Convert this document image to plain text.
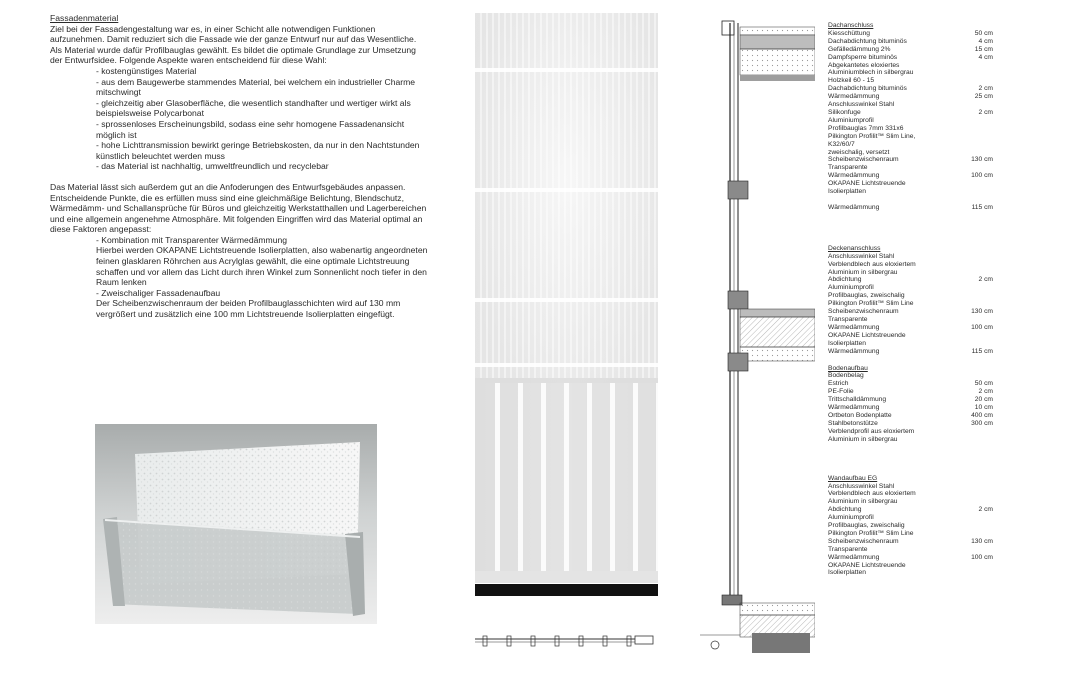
Fassadenmaterial

Ziel bei der Fassadengestaltung war es, in einer Schicht alle notwendigen Funktionen aufzunehmen. Damit reduziert sich die Fassade wie der ganze Entwurf nur auf das Wesentliche.

Als Material wurde dafür Profilbauglas gewählt. Es bildet die optimale Grundlage zur Umsetzung der Entwurfsidee. Folgende Aspekte waren entscheidend für diese Wahl:

- kostengünstiges Material
- aus dem Baugewerbe stammendes Material, bei welchem ein industrieller Charme mitschwingt
- gleichzeitig aber Glasoberfläche, die wesentlich standhafter und wertiger wirkt als beispielsweise Polycarbonat
- sprossenloses Erscheinungsbild, sodass eine sehr homogene Fassadenansicht möglich ist
- hohe Lichttransmission bewirkt geringe Betriebskosten, da nur in den Nachtstunden künstlich beleuchtet werden muss
- das Material ist nachhaltig, umweltfreundlich und recyclebar

Das Material lässt sich außerdem gut an die Anfoderungen des Entwurfsgebäudes anpassen. Entscheidende Punkte, die es erfüllen muss sind eine gleichmäßige Belichtung, Blendschutz, Wärmedämm- und Schallansprüche für Büros und gleichzeitig Werkstatthallen und Lagerbereichen und eine allgemein angenehme Atmosphäre. Mit folgenden Eingriffen wird das Material optimal an diese Faktoren angepasst:

- Kombination mit Transparenter Wärmedämmung
Hierbei werden OKAPANE Lichtstreuende Isolierplatten, also wabenartig angeordneten feinen glasklaren Röhrchen aus Acrylglas gewählt, die eine optimale Lichtstreuung schaffen und vor allem das Licht durch ihren Winkel zum Sonnenlicht noch tiefer in den Raum lenken
- Zweischaliger Fassadenaufbau
Der Scheibenzwischenraum der beiden Profilbauglasschichten wird auf 130 mm vergrößert und zusätzlich eine 100 mm Lichtstreuende Isolierplatten eingefügt.
Dachanschluss
Kiesschüttung	50 cm
Dachabdichtung bituminös	4 cm
Gefälledämmung 2%	15 cm
Dampfsperre bituminös	4 cm
Abgekantetes eloxiertes
Aluminiumblech in silbergrau
Holzkeil 60 - 15
Dachabdichtung bituminös	2 cm
Wärmedämmung	25 cm
Anschlusswinkel Stahl
Silikonfuge	2 cm
Aluminiumprofil
Profilbauglas 7mm 331x6
Pilkington Profilit™ Slim Line,
K32/60/7
zweischalig, versetzt
Scheibenzwischenraum	130 cm
Transparente
Wärmedämmung	100 cm
OKAPANE Lichtstreuende
Isolierplatten
Wärmedämmung	115 cm
Deckenanschluss
Anschlusswinkel Stahl
Verblendblech aus eloxiertem
Aluminium in silbergrau
Abdichtung	2 cm
Aluminiumprofil
Profilbauglas, zweischalig
Pilkington Profilit™ Slim Line
Scheibenzwischenraum	130 cm
Transparente
Wärmedämmung	100 cm
OKAPANE Lichtstreuende
Isolierplatten
Wärmedämmung	115 cm
Bodenaufbau
Bodenbelag
Estrich	50 cm
PE-Folie	2 cm
Trittschalldämmung	20 cm
Wärmedämmung	10 cm
Ortbeton Bodenplatte	400 cm
Stahlbetonstütze	300 cm
Verblendprofil aus eloxiertem
Aluminium in silbergrau
Wandaufbau EG
Anschlusswinkel Stahl
Verblendblech aus eloxiertem
Aluminium in silbergrau
Abdichtung	2 cm
Aluminiumprofil
Profilbauglas, zweischalig
Pilkington Profilit™ Slim Line
Scheibenzwischenraum	130 cm
Transparente
Wärmedämmung	100 cm
OKAPANE Lichtstreuende
Isolierplatten
